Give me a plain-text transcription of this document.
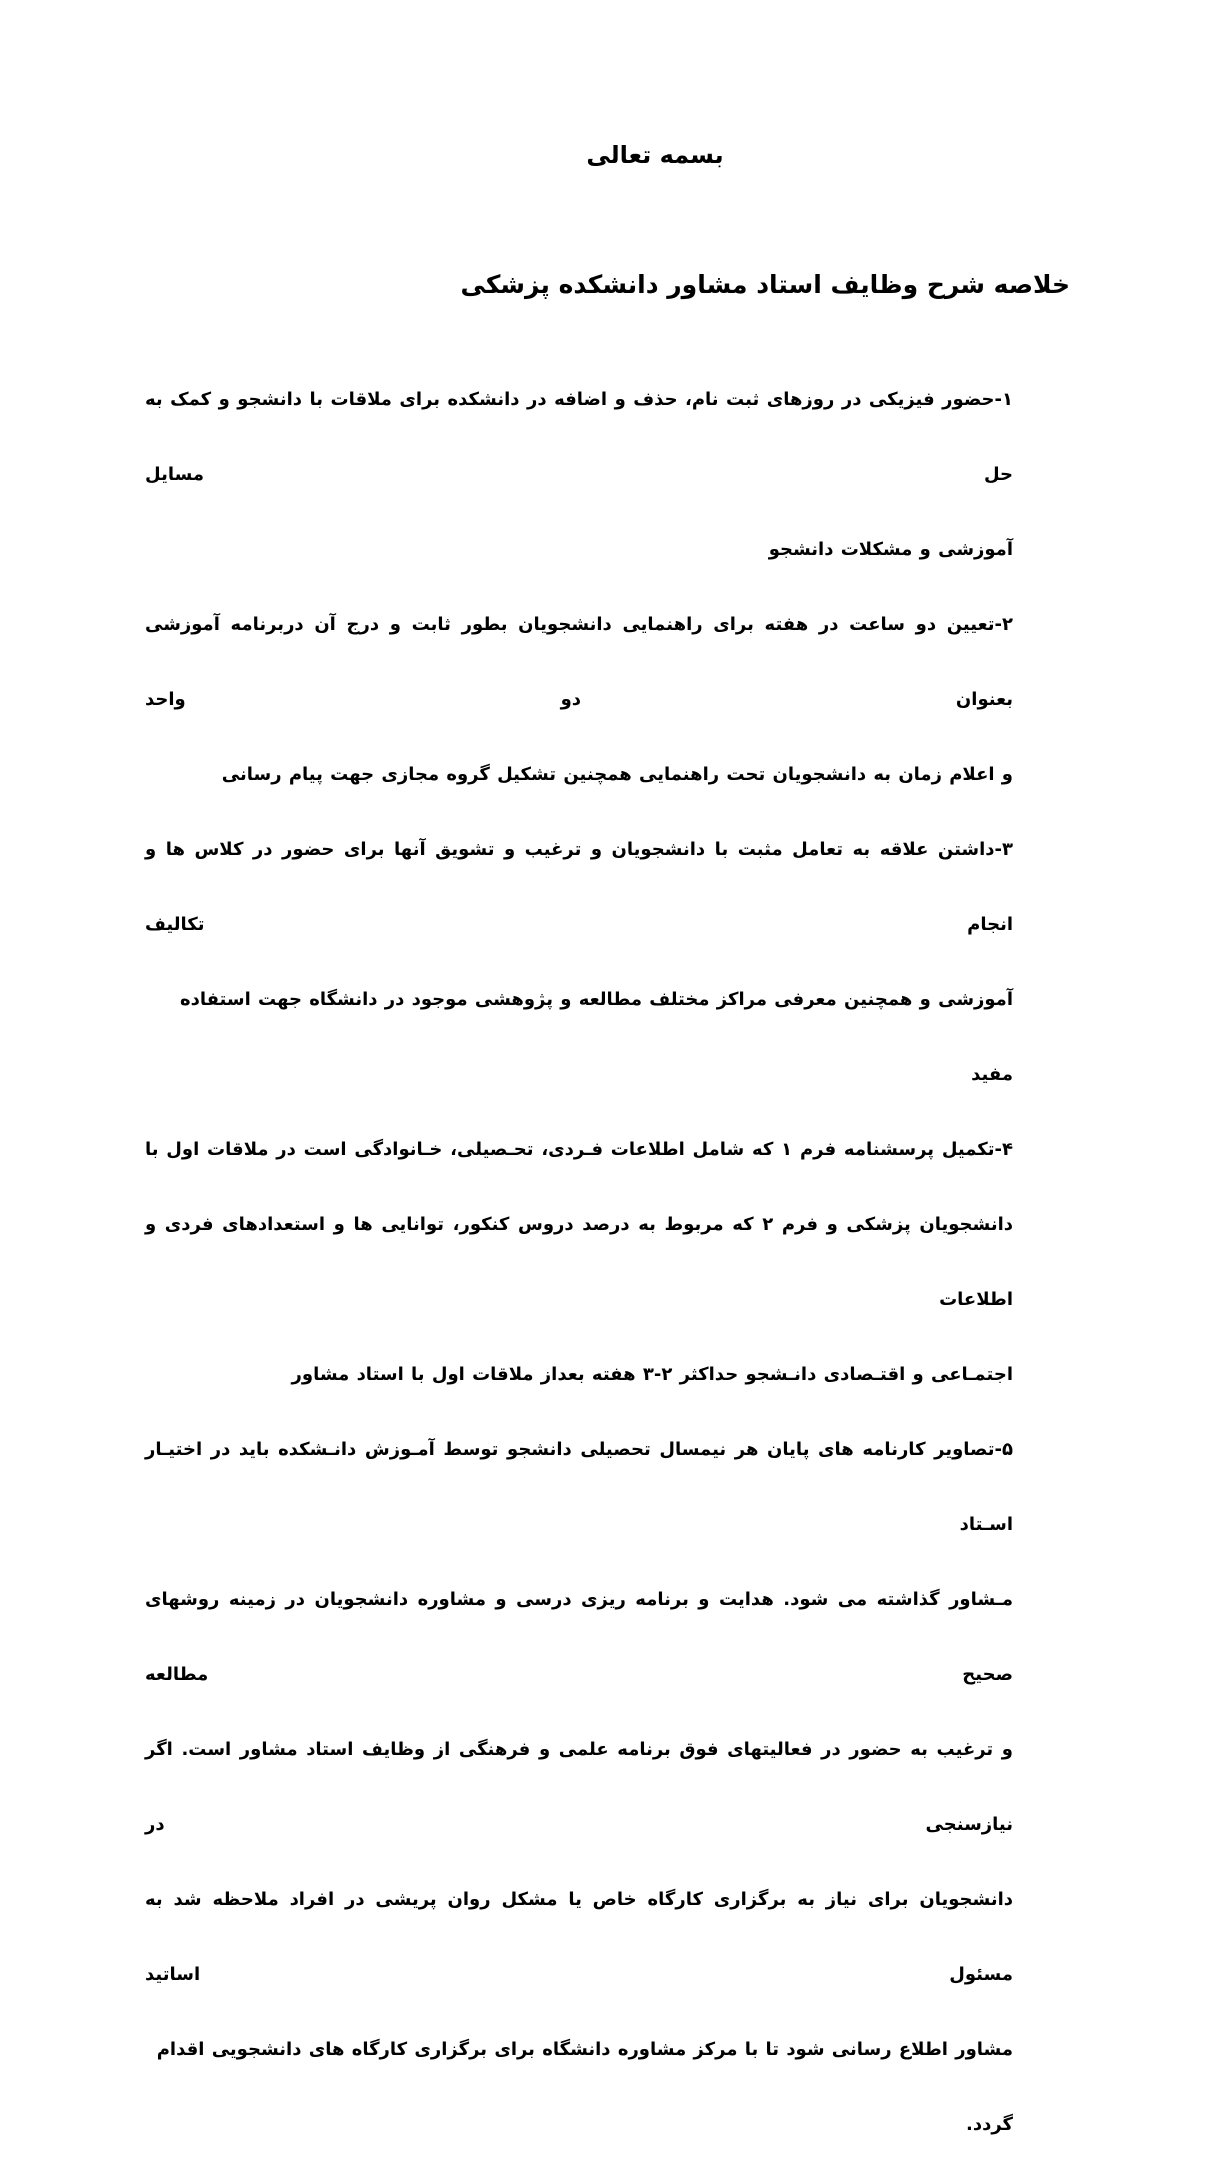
بسمه تعالی
خلاصه شرح وظایف استاد مشاور دانشکده پزشکی
۱-حضور فیزیکی در روزهای ثبت نام، حذف و اضافه در دانشکده برای ملاقات با دانشجو و کمک به حل مسایل
آموزشی و مشکلات دانشجو
۲-تعیین دو ساعت در هفته برای راهنمایی دانشجویان بطور ثابت و درج آن دربرنامه آموزشی بعنوان دو واحد
و اعلام زمان به دانشجویان تحت راهنمایی همچنین تشکیل گروه مجازی جهت پیام رسانی
۳-داشتن علاقه به تعامل مثبت با دانشجویان و ترغیب و تشویق آنها برای حضور در کلاس ها و انجام تکالیف
آموزشی و همچنین معرفی مراکز مختلف مطالعه و پژوهشی موجود در دانشگاه جهت استفاده مفید
۴-تکمیل پرسشنامه فرم ۱ که شامل اطلاعات فـردی، تحـصیلی، خـانوادگی است در ملاقات اول با
دانشجویان پزشکی و فرم ۲ که مربوط به درصد دروس کنکور، توانایی ها و استعدادهای فردی و اطلاعات
اجتمـاعی و اقتـصادی دانـشجو حداکثر ۲-۳ هفته بعداز ملاقات اول با استاد مشاور
۵-تصاویر کارنامه های پایان هر نیمسال تحصیلی دانشجو توسط آمـوزش دانـشکده باید در اختیـار اسـتاد
مـشاور گذاشته می شود. هدایت و برنامه ریزی درسی و مشاوره دانشجویان در زمینه روشهای صحیح مطالعه
و ترغیب به حضور در فعالیتهای فوق برنامه علمی و فرهنگی از وظایف استاد مشاور است. اگر نیازسنجی در
دانشجویان برای نیاز به برگزاری کارگاه خاص یا مشکل روان پریشی در افراد ملاحظه شد به مسئول اساتید
مشاور اطلاع رسانی شود تا با مرکز مشاوره دانشگاه برای برگزاری کارگاه های دانشجویی اقدام گردد.
